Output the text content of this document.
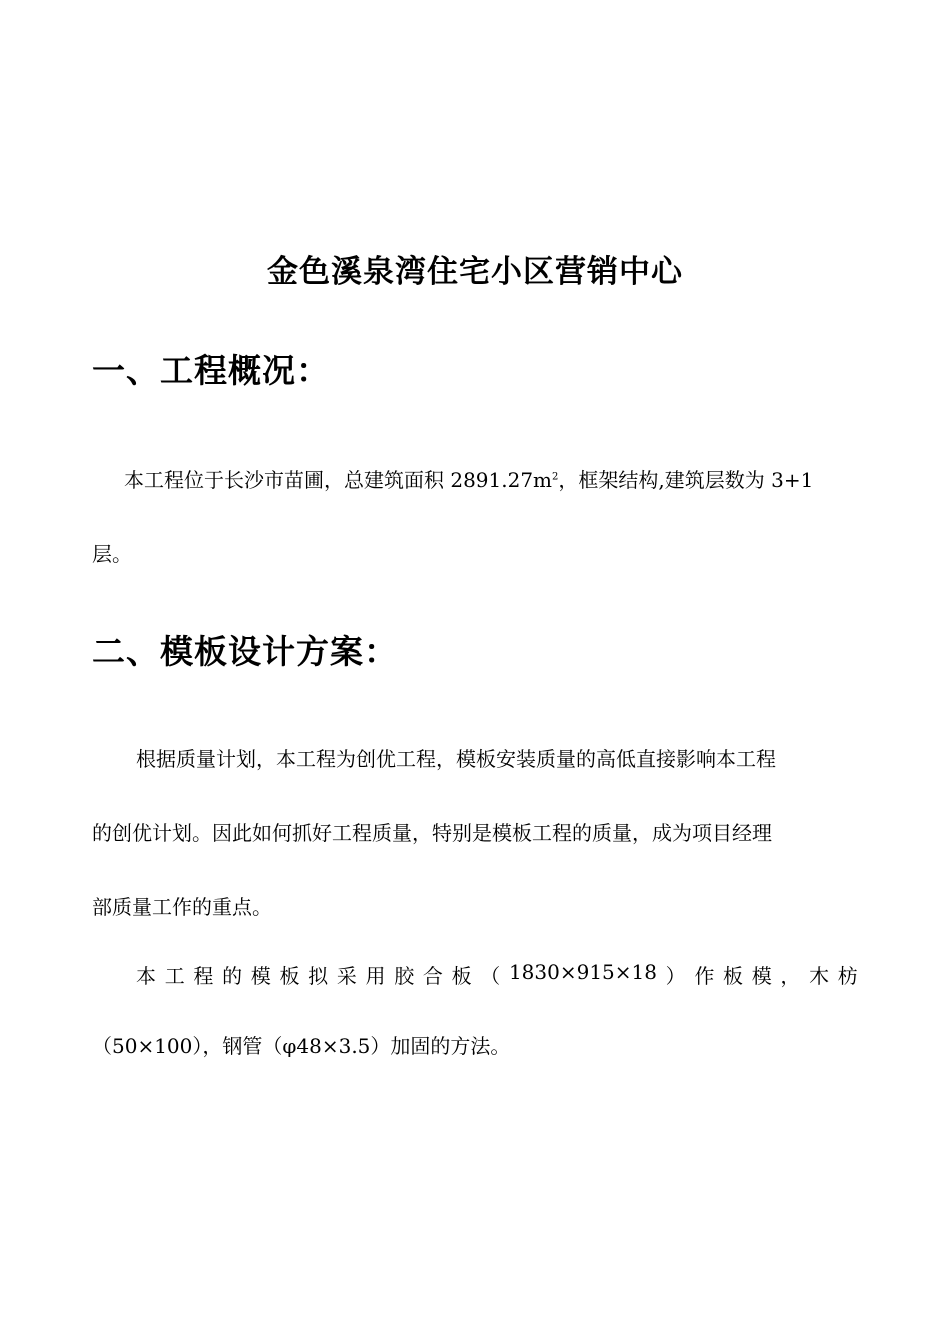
金色溪泉湾住宅小区营销中心
一、工程概况：
本工程位于长沙市苗圃，总建筑面积 $2891.27m^2$，框架结构,建筑层数为 3+1
层。
二、模板设计方案：
根据质量计划，本工程为创优工程，模板安装质量的高低直接影响本工程
的创优计划。因此如何抓好工程质量，特别是模板工程的质量，成为项目经理
部质量工作的重点。
本 工 程 的 模 板 拟 采 用 胶 合 板 （ 1830×915×18 ） 作 板 模 ， 木 枋
（50×100），钢管（φ48×3.5）加固的方法。
